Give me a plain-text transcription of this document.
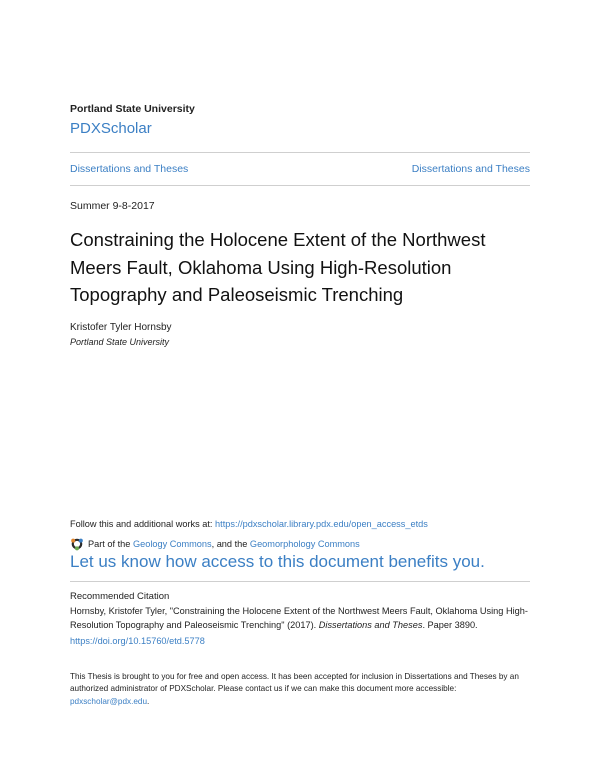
Portland State University
PDXScholar
Dissertations and Theses	Dissertations and Theses
Summer 9-8-2017
Constraining the Holocene Extent of the Northwest
Meers Fault, Oklahoma Using High-Resolution
Topography and Paleoseismic Trenching
Kristofer Tyler Hornsby
Portland State University
Follow this and additional works at: https://pdxscholar.library.pdx.edu/open_access_etds
Part of the
Geology Commons , and the
Geomorphology Commons
Let us know how access to this document benefits you.
Recommended Citation
Hornsby, Kristofer Tyler, "Constraining the Holocene Extent of the Northwest Meers Fault, Oklahoma Using High-Resolution Topography and Paleoseismic Trenching" (2017). Dissertations and Theses. Paper 3890.
https://doi.org/10.15760/etd.5778
This Thesis is brought to you for free and open access. It has been accepted for inclusion in Dissertations and Theses by an authorized administrator of PDXScholar. Please contact us if we can make this document more accessible: pdxscholar@pdx.edu.
